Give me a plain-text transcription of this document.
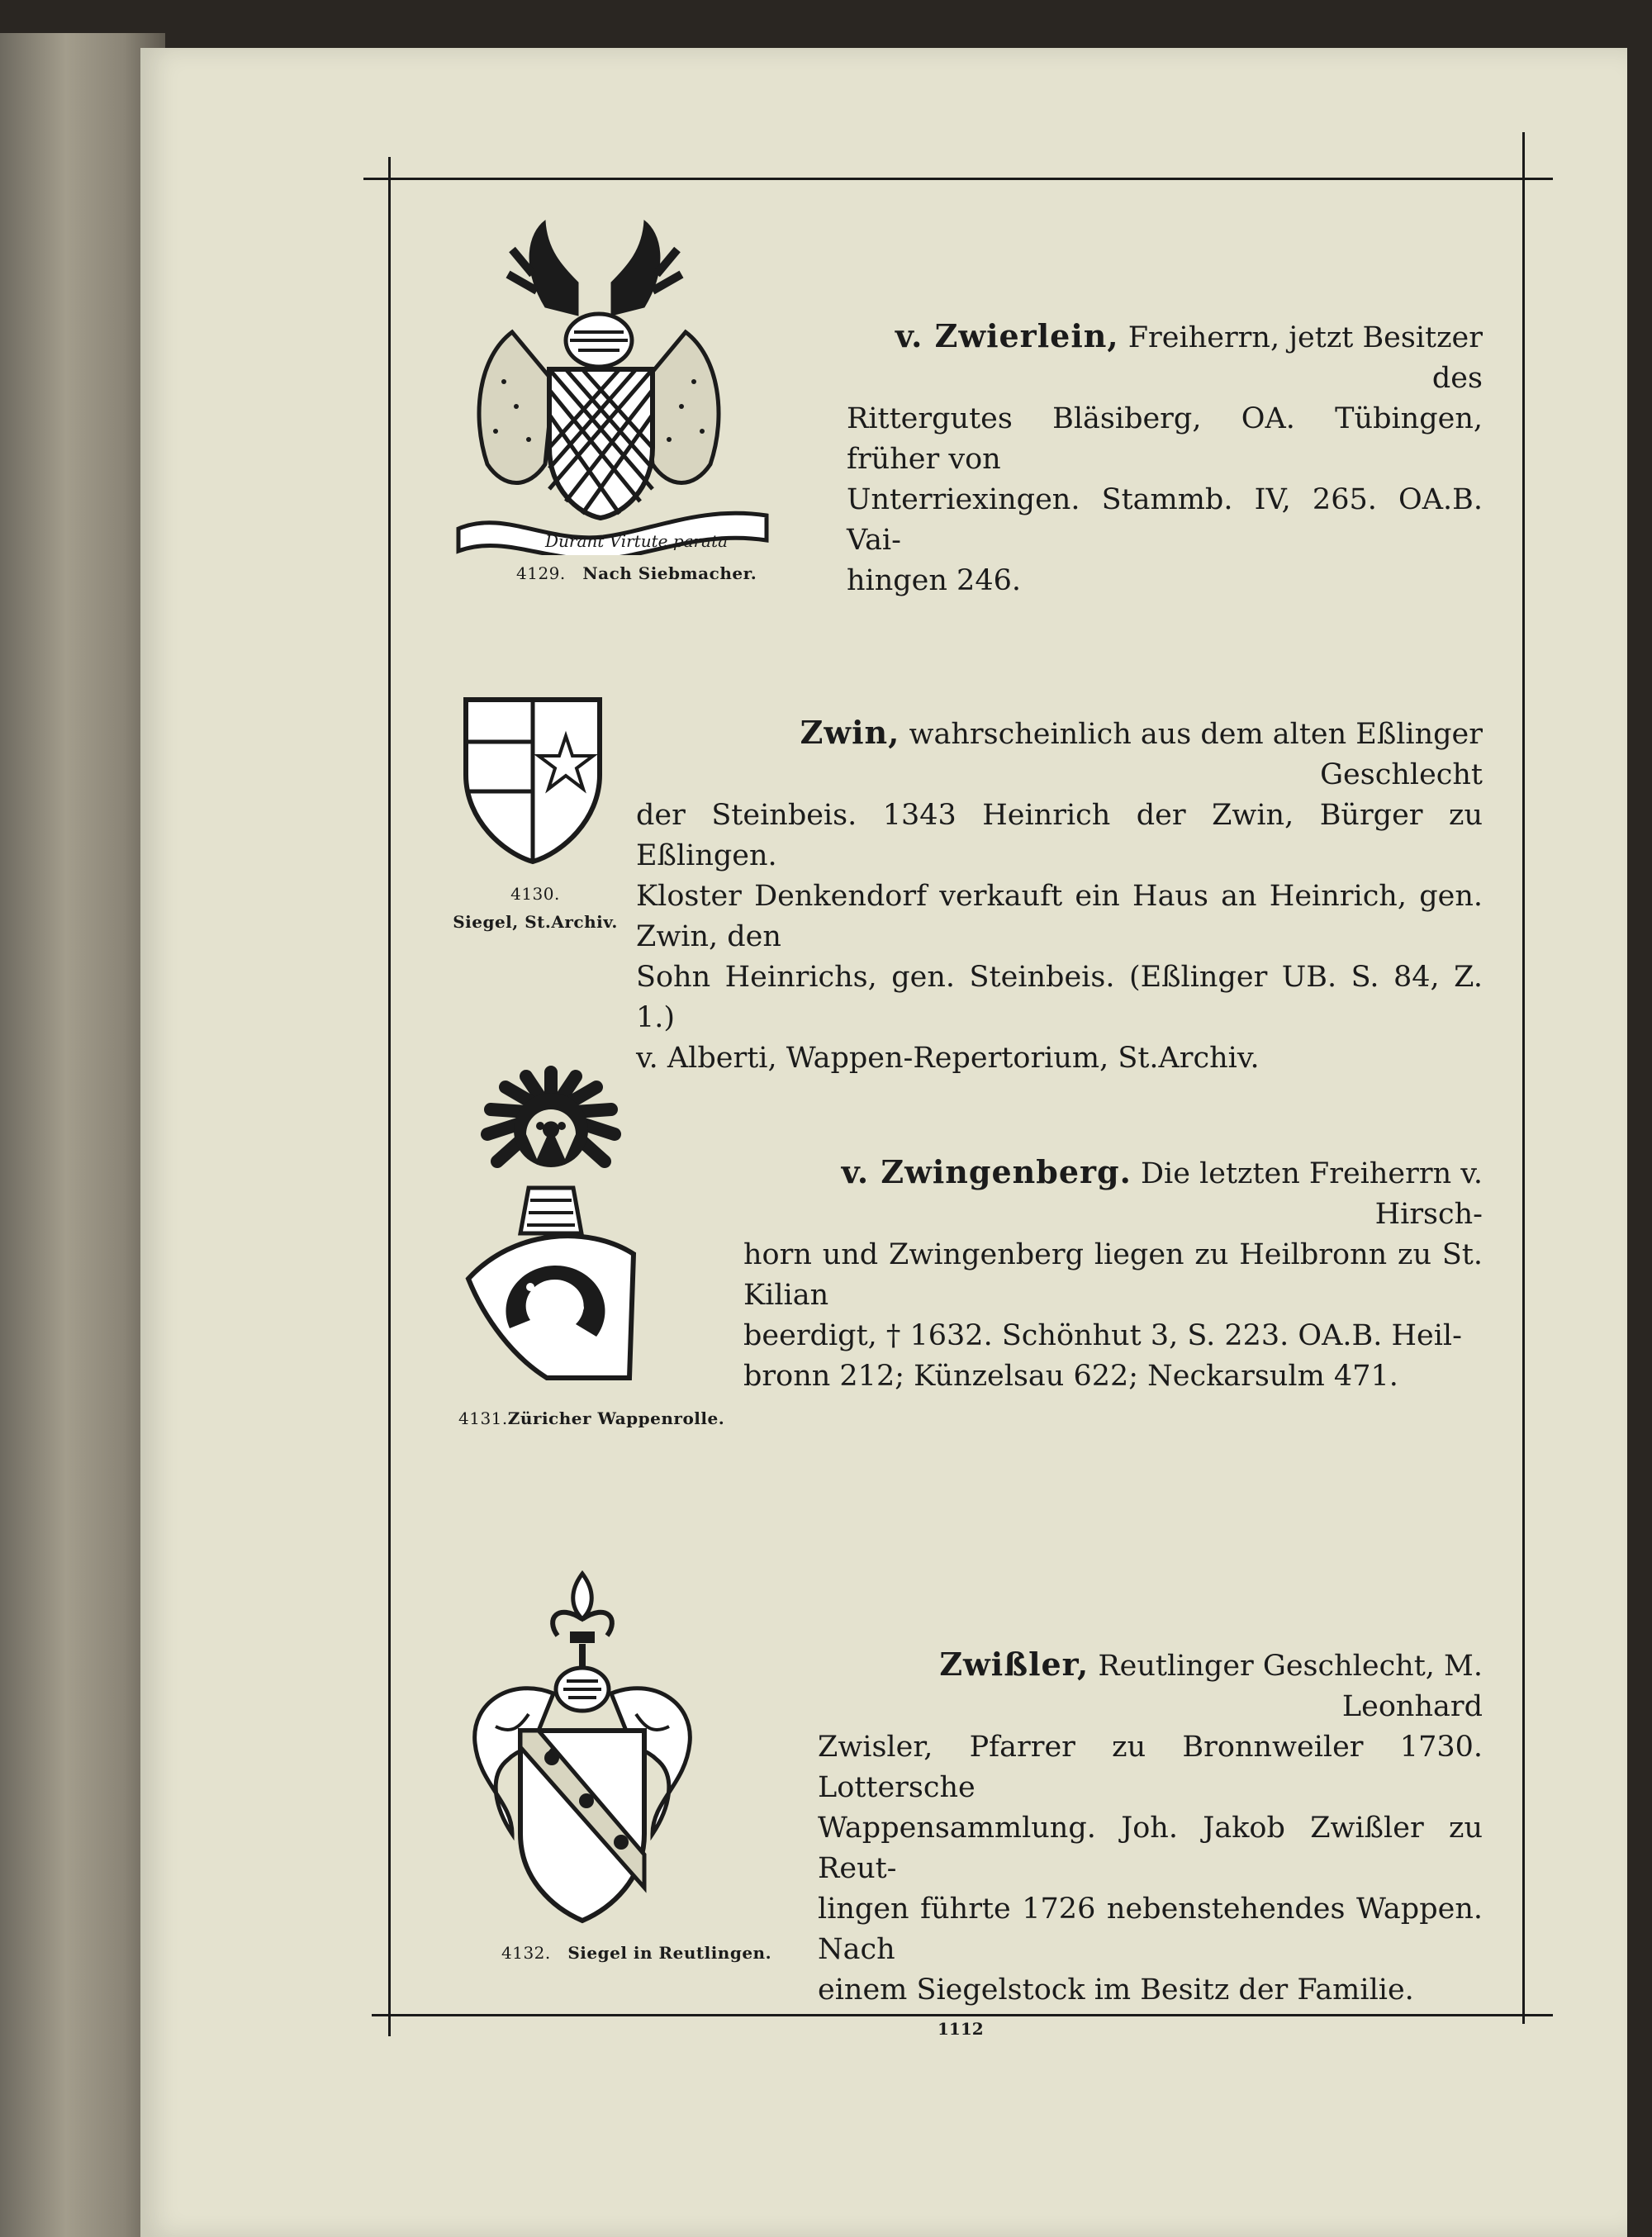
Durant Virtute parata
4129. Nach Siebmacher.
v. Zwierlein, Freiherrn, jetzt Besitzer des
Rittergutes Bläsiberg, OA. Tübingen, früher von
Unterriexingen. Stammb. IV, 265. OA.B. Vai-
hingen 246.
4130.
Siegel, St.Archiv.
Zwin, wahrscheinlich aus dem alten Eßlinger Geschlecht
der Steinbeis. 1343 Heinrich der Zwin, Bürger zu Eßlingen.
Kloster Denkendorf verkauft ein Haus an Heinrich, gen. Zwin, den
Sohn Heinrichs, gen. Steinbeis. (Eßlinger UB. S. 84, Z. 1.)
v. Alberti, Wappen-Repertorium, St.Archiv.
4131.Züricher Wappenrolle.
v. Zwingenberg. Die letzten Freiherrn v. Hirsch-
horn und Zwingenberg liegen zu Heilbronn zu St. Kilian
beerdigt, † 1632. Schönhut 3, S. 223. OA.B. Heil-
bronn 212; Künzelsau 622; Neckarsulm 471.
4132. Siegel in Reutlingen.
Zwißler, Reutlinger Geschlecht, M. Leonhard
Zwisler, Pfarrer zu Bronnweiler 1730. Lottersche
Wappensammlung. Joh. Jakob Zwißler zu Reut-
lingen führte 1726 nebenstehendes Wappen. Nach
einem Siegelstock im Besitz der Familie.
1112
